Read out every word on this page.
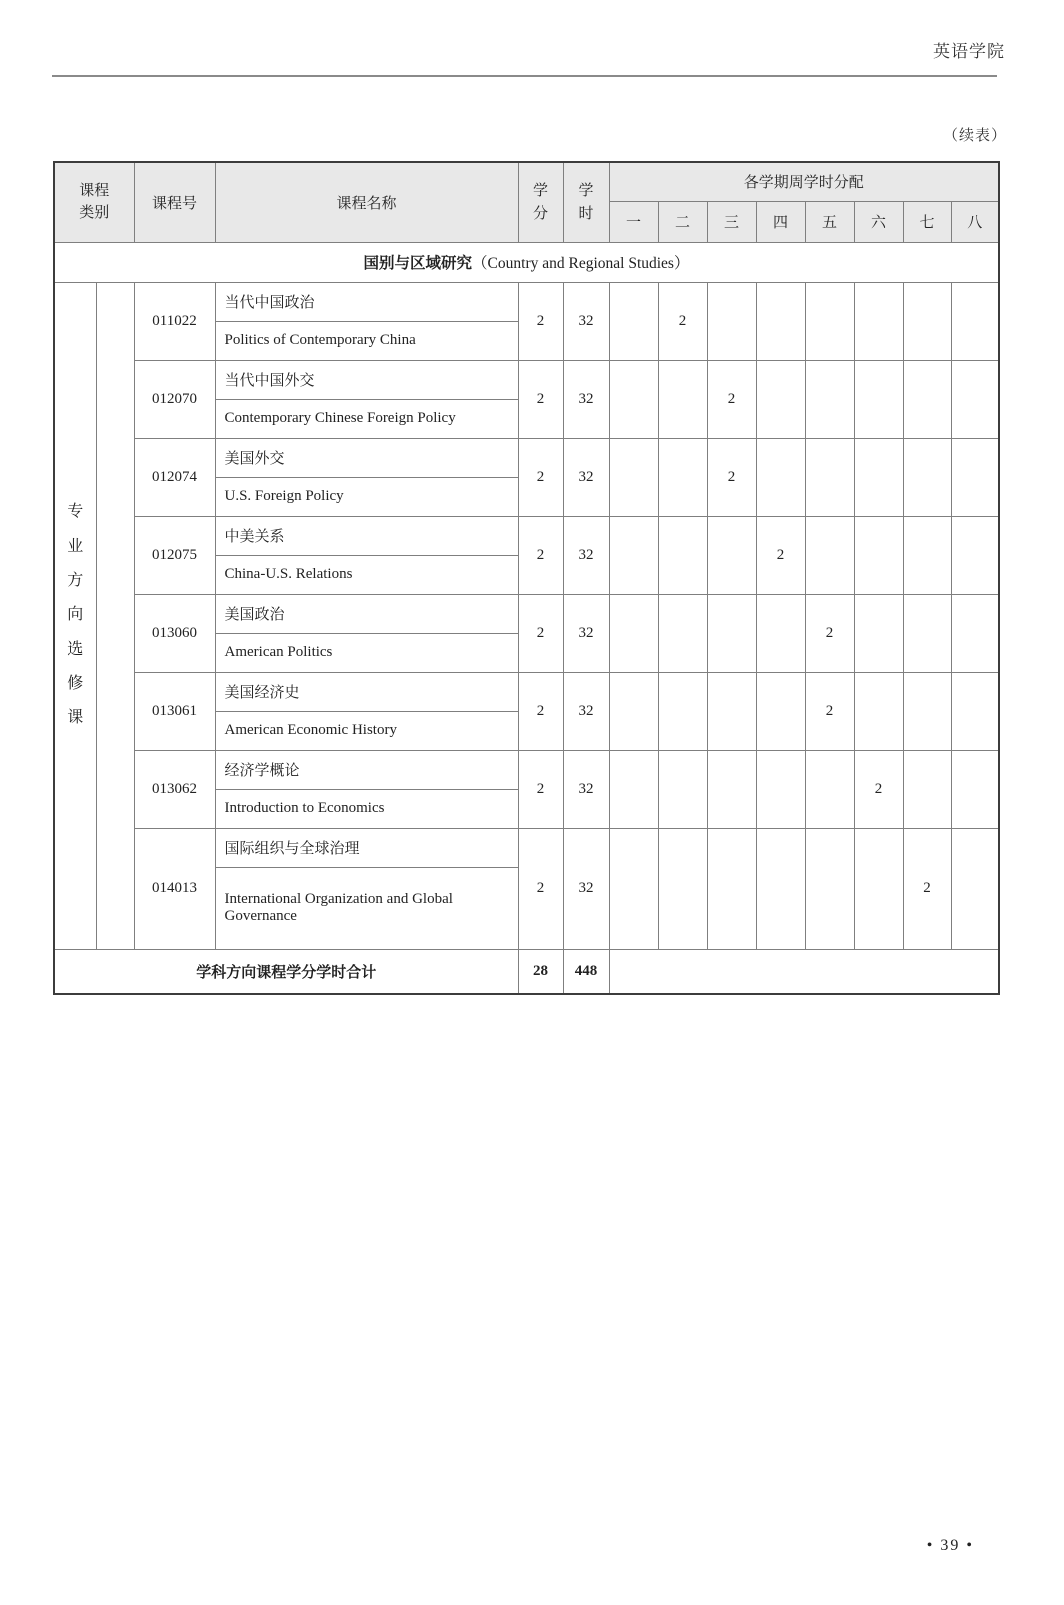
英语学院
（续表）
课程类别		课程号	课程名称	学分	学时	各学期周学时分配							
						一	二	三	四	五	六	七	八
国别与区域研究（Country and Regional Studies）													
专业方向选修课		011022	当代中国政治	2	32		2						
			Politics of Contemporary China										
		012070	当代中国外交	2	32			2					
			Contemporary Chinese Foreign Policy										
		012074	美国外交	2	32			2					
			U.S. Foreign Policy										
		012075	中美关系	2	32				2				
			China-U.S. Relations										
		013060	美国政治	2	32					2			
			American Politics										
		013061	美国经济史	2	32					2			
			American Economic History										
		013062	经济学概论	2	32						2		
			Introduction to Economics										
		014013	国际组织与全球治理	2	32							2	
			International Organization and Global Governance										
学科方向课程学分学时合计				28	448								
• 39 •
